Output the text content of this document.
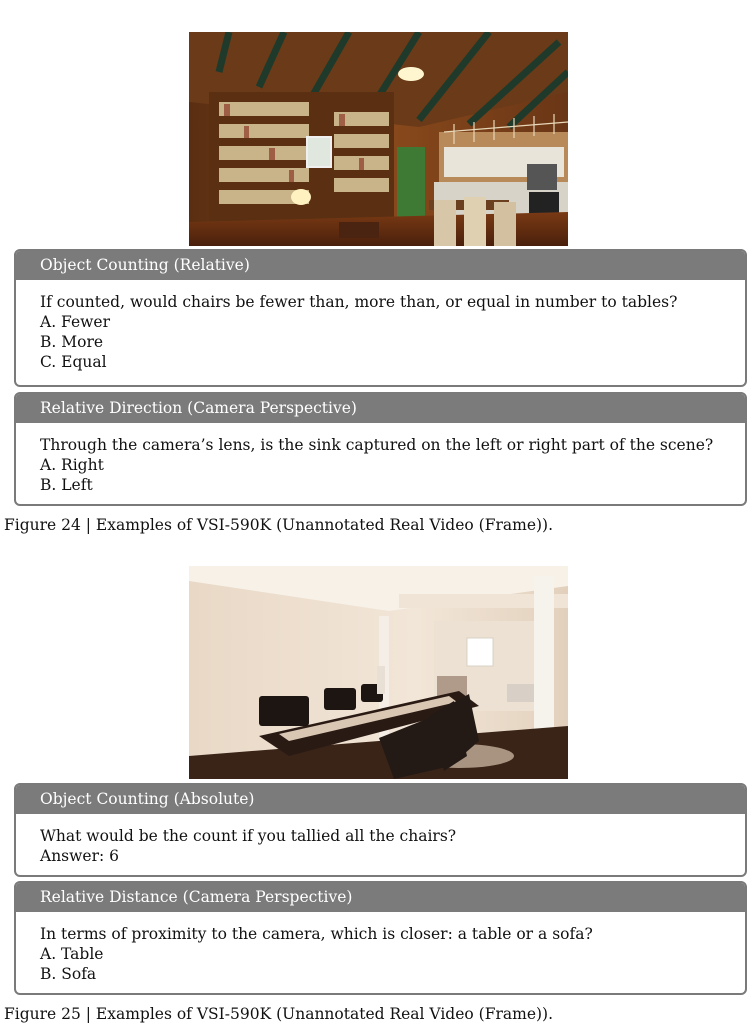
Object Counting (Relative)
If counted, would chairs be fewer than, more than, or equal in number to tables?
A. Fewer
B. More
C. Equal
Relative Direction (Camera Perspective)
Through the camera’s lens, is the sink captured on the left or right part of the scene?
A. Right
B. Left
Figure 24 | Examples of VSI-590K (Unannotated Real Video (Frame)).
Object Counting (Absolute)
What would be the count if you tallied all the chairs?
Answer: 6
Relative Distance (Camera Perspective)
In terms of proximity to the camera, which is closer: a table or a sofa?
A. Table
B. Sofa
Figure 25 | Examples of VSI-590K (Unannotated Real Video (Frame)).
